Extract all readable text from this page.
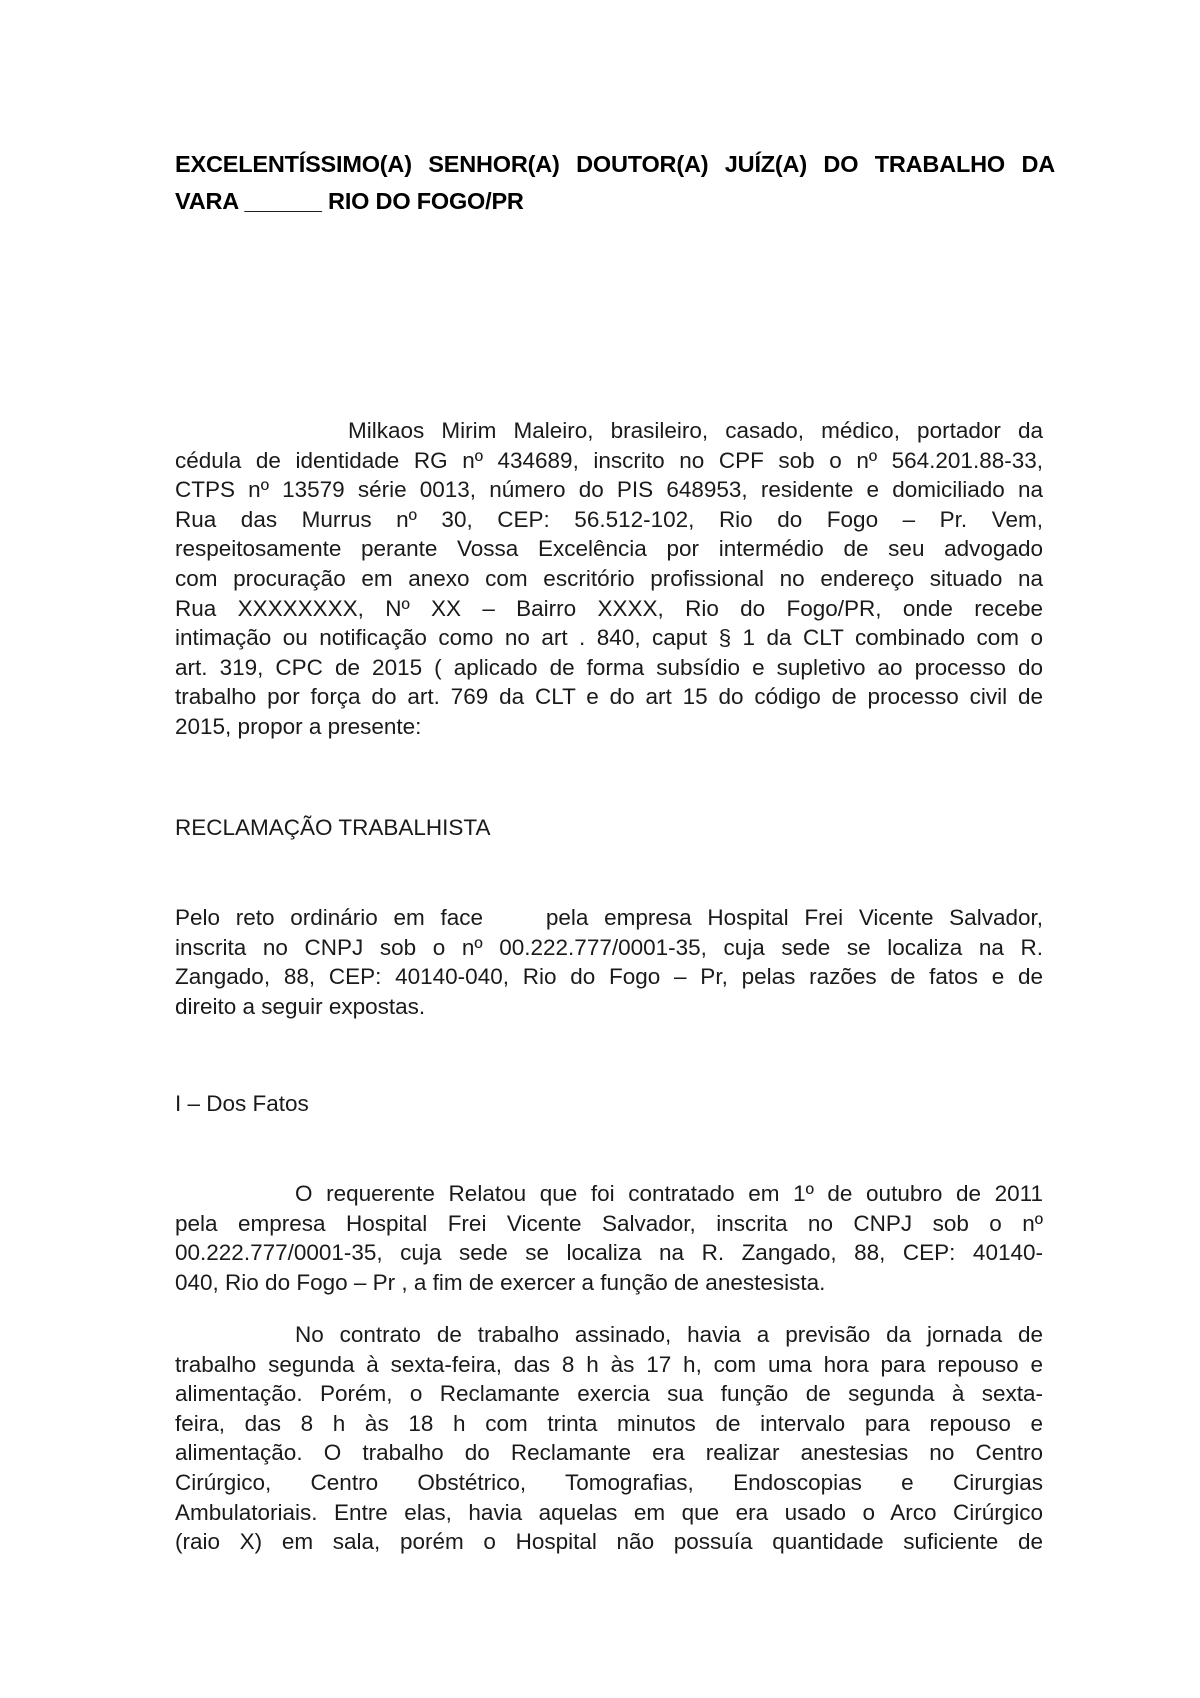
EXCELENTÍSSIMO(A) SENHOR(A) DOUTOR(A) JUÍZ(A) DO TRABALHO DA
VARA ______ RIO DO FOGO/PR
Milkaos Mirim Maleiro, brasileiro, casado, médico, portador da
cédula de identidade RG nº 434689, inscrito no CPF sob o nº 564.201.88-33,
CTPS nº 13579 série 0013, número do PIS 648953, residente e domiciliado na
Rua das Murrus nº 30, CEP: 56.512-102, Rio do Fogo – Pr. Vem,
respeitosamente perante Vossa Excelência por intermédio de seu advogado
com procuração em anexo com escritório profissional no endereço situado na
Rua XXXXXXXX, Nº XX – Bairro XXXX, Rio do Fogo/PR, onde recebe
intimação ou notificação como no art . 840, caput § 1 da CLT combinado com o
art. 319, CPC de 2015 ( aplicado de forma subsídio e supletivo ao processo do
trabalho por força do art. 769 da CLT e do art 15 do código de processo civil de
2015, propor a presente:

RECLAMAÇÃO TRABALHISTA

Pelo reto ordinário em face    pela empresa Hospital Frei Vicente Salvador,
inscrita no CNPJ sob o nº 00.222.777/0001-35, cuja sede se localiza na R.
Zangado, 88, CEP: 40140-040, Rio do Fogo – Pr, pelas razões de fatos e de
direito a seguir expostas.

I – Dos Fatos

O requerente Relatou que foi contratado em 1º de outubro de 2011
pela empresa Hospital Frei Vicente Salvador, inscrita no CNPJ sob o nº
00.222.777/0001-35, cuja sede se localiza na R. Zangado, 88, CEP: 40140-
040, Rio do Fogo – Pr , a fim de exercer a função de anestesista.
No contrato de trabalho assinado, havia a previsão da jornada de
trabalho segunda à sexta-feira, das 8 h às 17 h, com uma hora para repouso e
alimentação. Porém, o Reclamante exercia sua função de segunda à sexta-
feira, das 8 h às 18 h com trinta minutos de intervalo para repouso e
alimentação. O trabalho do Reclamante era realizar anestesias no Centro
Cirúrgico, Centro Obstétrico, Tomografias, Endoscopias e Cirurgias
Ambulatoriais. Entre elas, havia aquelas em que era usado o Arco Cirúrgico
(raio X) em sala, porém o Hospital não possuía quantidade suficiente de
